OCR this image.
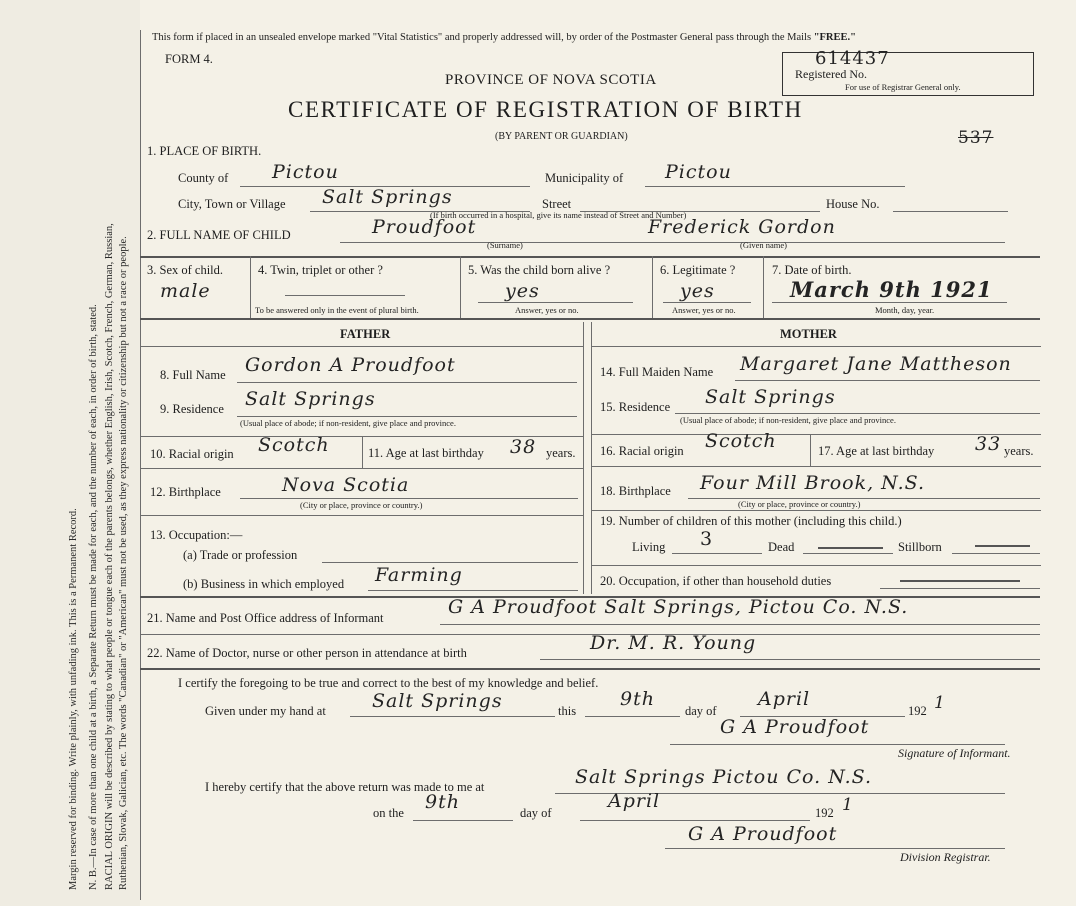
Margin reserved for binding. Write plainly, with unfading ink. This is a Permanent Record. N. B.—In case of more than one child at a birth, a Separate Return must be made for each, and the number of each, in order of birth, stated. RACIAL ORIGIN will be described by stating to what people or tongue each of the parents belongs, whether English, Irish, Scotch, French, German, Russian, Ruthenian, Slovak, Galician, etc. The words "Canadian" or "American" must not be used, as they express nationality or citizenship but not a race or people.
This form if placed in an unsealed envelope marked "Vital Statistics" and properly addressed will, by order of the Postmaster General pass through the Mails "FREE."
FORM 4.	614437
Registered No.
For use of Registrar General only.
PROVINCE OF NOVA SCOTIA
CERTIFICATE OF REGISTRATION OF BIRTH
(BY PARENT OR GUARDIAN)	537
1. PLACE OF BIRTH.
County of Pictou	Municipality of Pictou
City, Town or Village Salt Springs	Street	House No.
(If birth occurred in a hospital, give its name instead of Street and Number)
2. FULL NAME OF CHILD	Proudfoot	Frederick Gordon
(Surname)	(Given name)
3. Sex of child.
male
4. Twin, triplet or other ?
To be answered only in the event of plural birth.
5. Was the child born alive ?
yes
Answer, yes or no.
6. Legitimate ?
yes
Answer, yes or no.
7. Date of birth.
March 9th 1921
Month, day, year.
FATHER	MOTHER
8. Full Name Gordon A Proudfoot
9. Residence Salt Springs
(Usual place of abode; if non-resident, give place and province.
10. Racial origin Scotch	11. Age at last birthday 38 years.
12. Birthplace	Nova Scotia
(City or place, province or country.)
13. Occupation:—
(a) Trade or profession
(b) Business in which employed Farming
14. Full Maiden Name Margaret Jane Mattheson
15. Residence Salt Springs
(Usual place of abode; if non-resident, give place and province.
16. Racial origin Scotch	17. Age at last birthday 33 years.
18. Birthplace Four Mill Brook, N.S.
(City or place, province or country.)
19. Number of children of this mother (including this child.)
Living 3	Dead	Stillborn
20. Occupation, if other than household duties
21. Name and Post Office address of Informant	G A Proudfoot Salt Springs, Pictou Co. N.S.
22. Name of Doctor, nurse or other person in attendance at birth	Dr. M. R. Young
I certify the foregoing to be true and correct to the best of my knowledge and belief.
Given under my hand at Salt Springs	this
9th
day of
April
192 1
G A Proudfoot
Signature of Informant.
I hereby certify that the above return was made to me at	Salt Springs Pictou Co. N.S.
on the 9th	day of
April
192 1
G A Proudfoot
Division Registrar.
